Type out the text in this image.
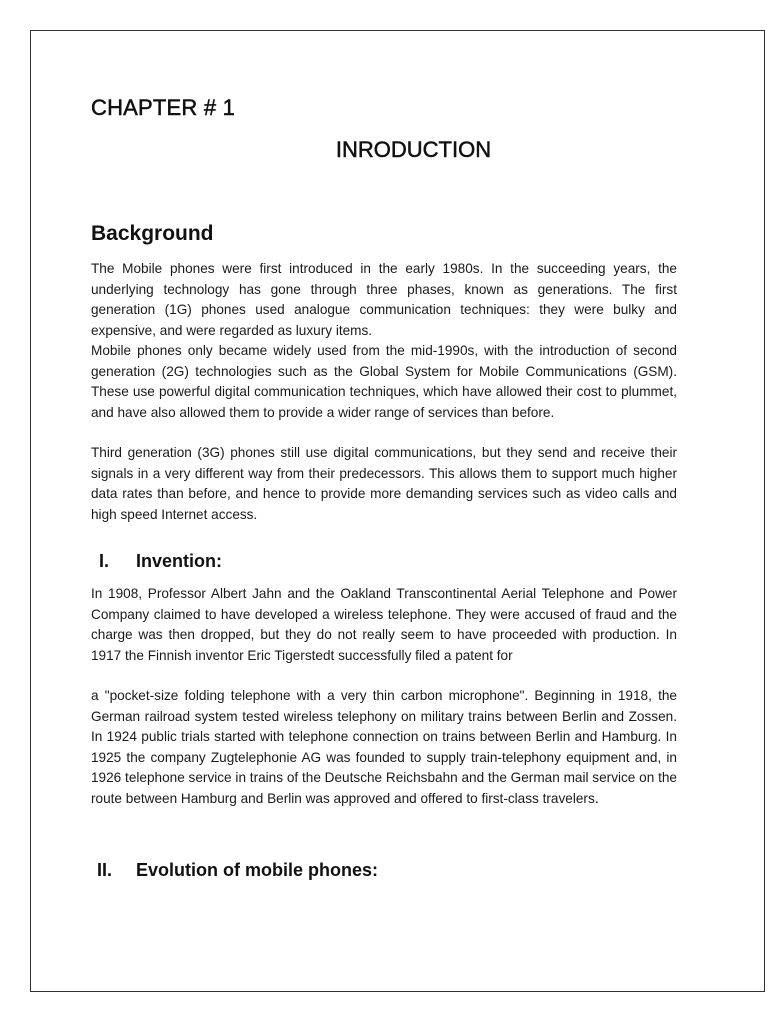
CHAPTER # 1
INRODUCTION
Background

The Mobile phones were first introduced in the early 1980s. In the succeeding years, the underlying technology has gone through three phases, known as generations. The first generation (1G) phones used analogue communication techniques: they were bulky and expensive, and were regarded as luxury items.

Mobile phones only became widely used from the mid-1990s, with the introduction of second generation (2G) technologies such as the Global System for Mobile Communications (GSM). These use powerful digital communication techniques, which have allowed their cost to plummet, and have also allowed them to provide a wider range of services than before.

Third generation (3G) phones still use digital communications, but they send and receive their signals in a very different way from their predecessors. This allows them to support much higher data rates than before, and hence to provide more demanding services such as video calls and high speed Internet access.

I. Invention:

In 1908, Professor Albert Jahn and the Oakland Transcontinental Aerial Telephone and Power Company claimed to have developed a wireless telephone. They were accused of fraud and the charge was then dropped, but they do not really seem to have proceeded with production. In 1917 the Finnish inventor Eric Tigerstedt successfully filed a patent for

a "pocket-size folding telephone with a very thin carbon microphone". Beginning in 1918, the German railroad system tested wireless telephony on military trains between Berlin and Zossen. In 1924 public trials started with telephone connection on trains between Berlin and Hamburg. In 1925 the company Zugtelephonie AG was founded to supply train-telephony equipment and, in 1926 telephone service in trains of the Deutsche Reichsbahn and the German mail service on the route between Hamburg and Berlin was approved and offered to first-class travelers.

II. Evolution of mobile phones:
